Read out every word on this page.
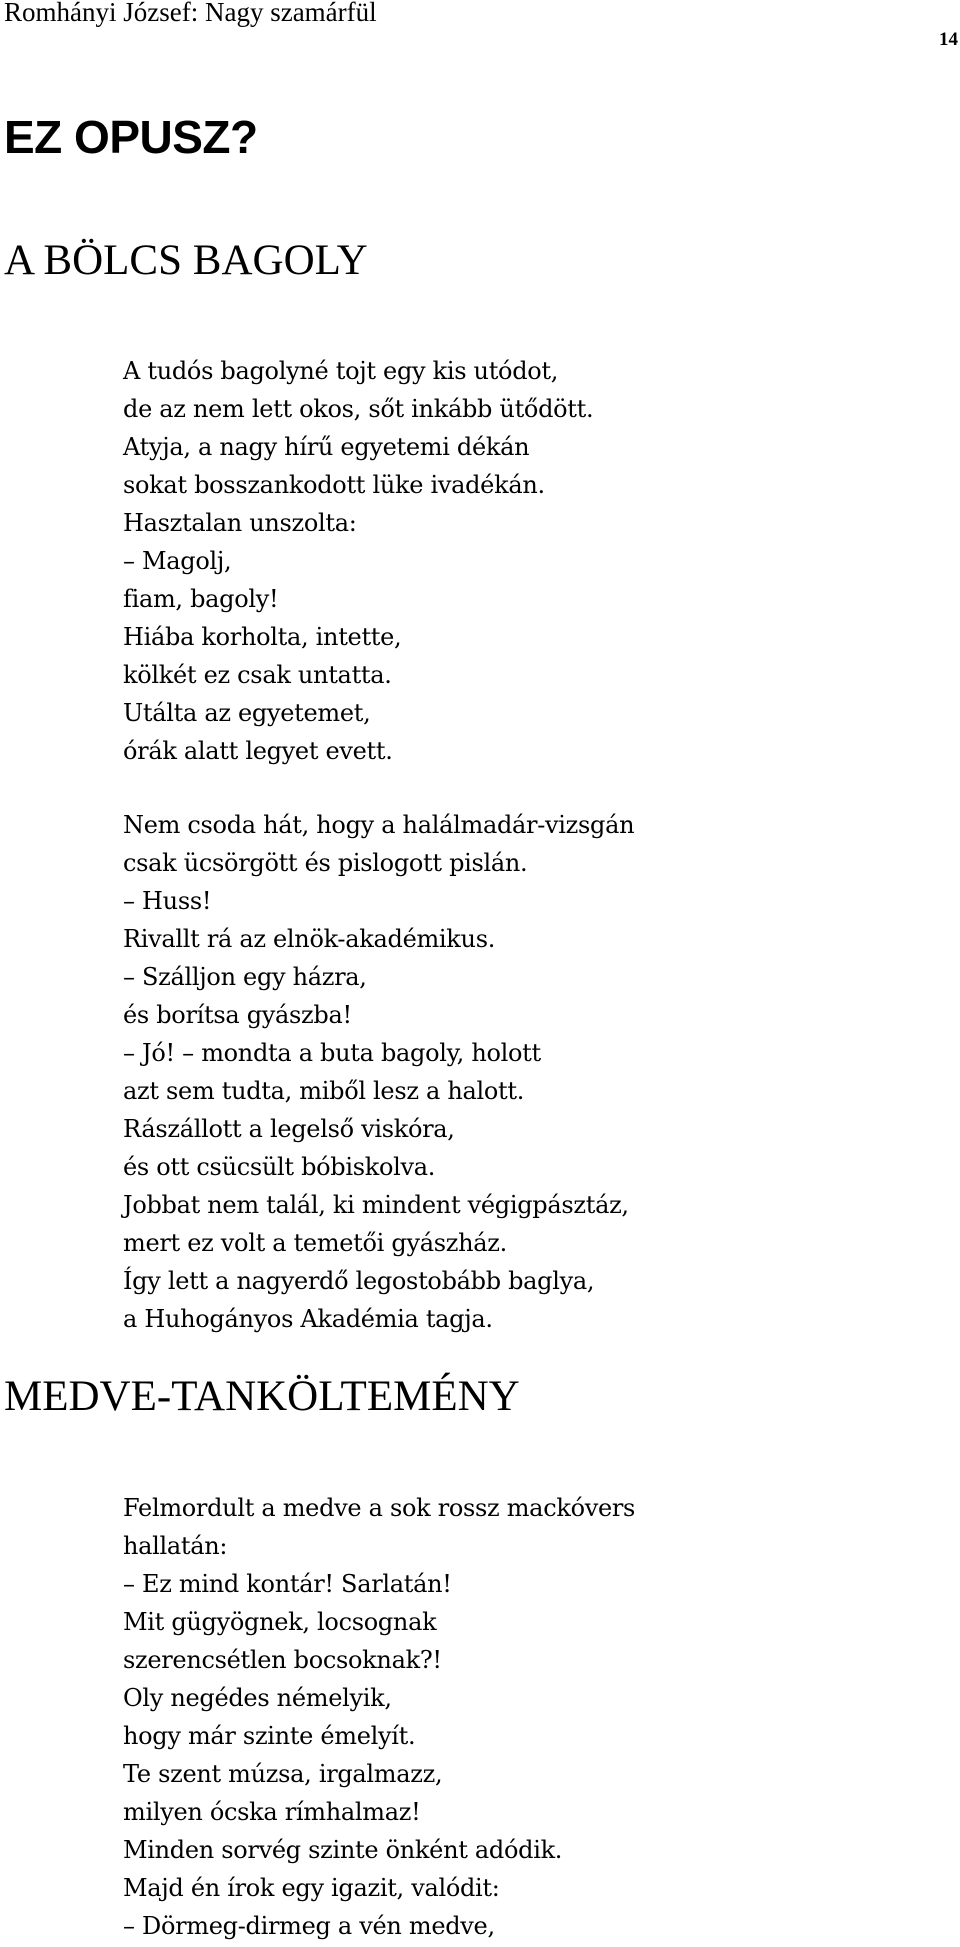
Romhányi József: Nagy szamárfül
14
EZ OPUSZ?
A BÖLCS BAGOLY
A tudós bagolyné tojt egy kis utódot,
de az nem lett okos, sőt inkább ütődött.
Atyja, a nagy hírű egyetemi dékán
sokat bosszankodott lüke ivadékán.
Hasztalan unszolta:
– Magolj,
fiam, bagoly!
Hiába korholta, intette,
kölkét ez csak untatta.
Utálta az egyetemet,
órák alatt legyet evett.
Nem csoda hát, hogy a halálmadár-vizsgán
csak ücsörgött és pislogott pislán.
– Huss!
Rivallt rá az elnök-akadémikus.
– Szálljon egy házra,
és borítsa gyászba!
– Jó! – mondta a buta bagoly, holott
azt sem tudta, miből lesz a halott.
Rászállott a legelső viskóra,
és ott csücsült bóbiskolva.
Jobbat nem talál, ki mindent végigpásztáz,
mert ez volt a temetői gyászház.
Így lett a nagyerdő legostobább baglya,
a Huhogányos Akadémia tagja.
MEDVE-TANKÖLTEMÉNY
Felmordult a medve a sok rossz mackóvers
hallatán:
– Ez mind kontár! Sarlatán!
Mit gügyögnek, locsognak
szerencsétlen bocsoknak?!
Oly negédes némelyik,
hogy már szinte émelyít.
Te szent múzsa, irgalmazz,
milyen ócska rímhalmaz!
Minden sorvég szinte önként adódik.
Majd én írok egy igazit, valódit:
– Dörmeg-dirmeg a vén medve,
